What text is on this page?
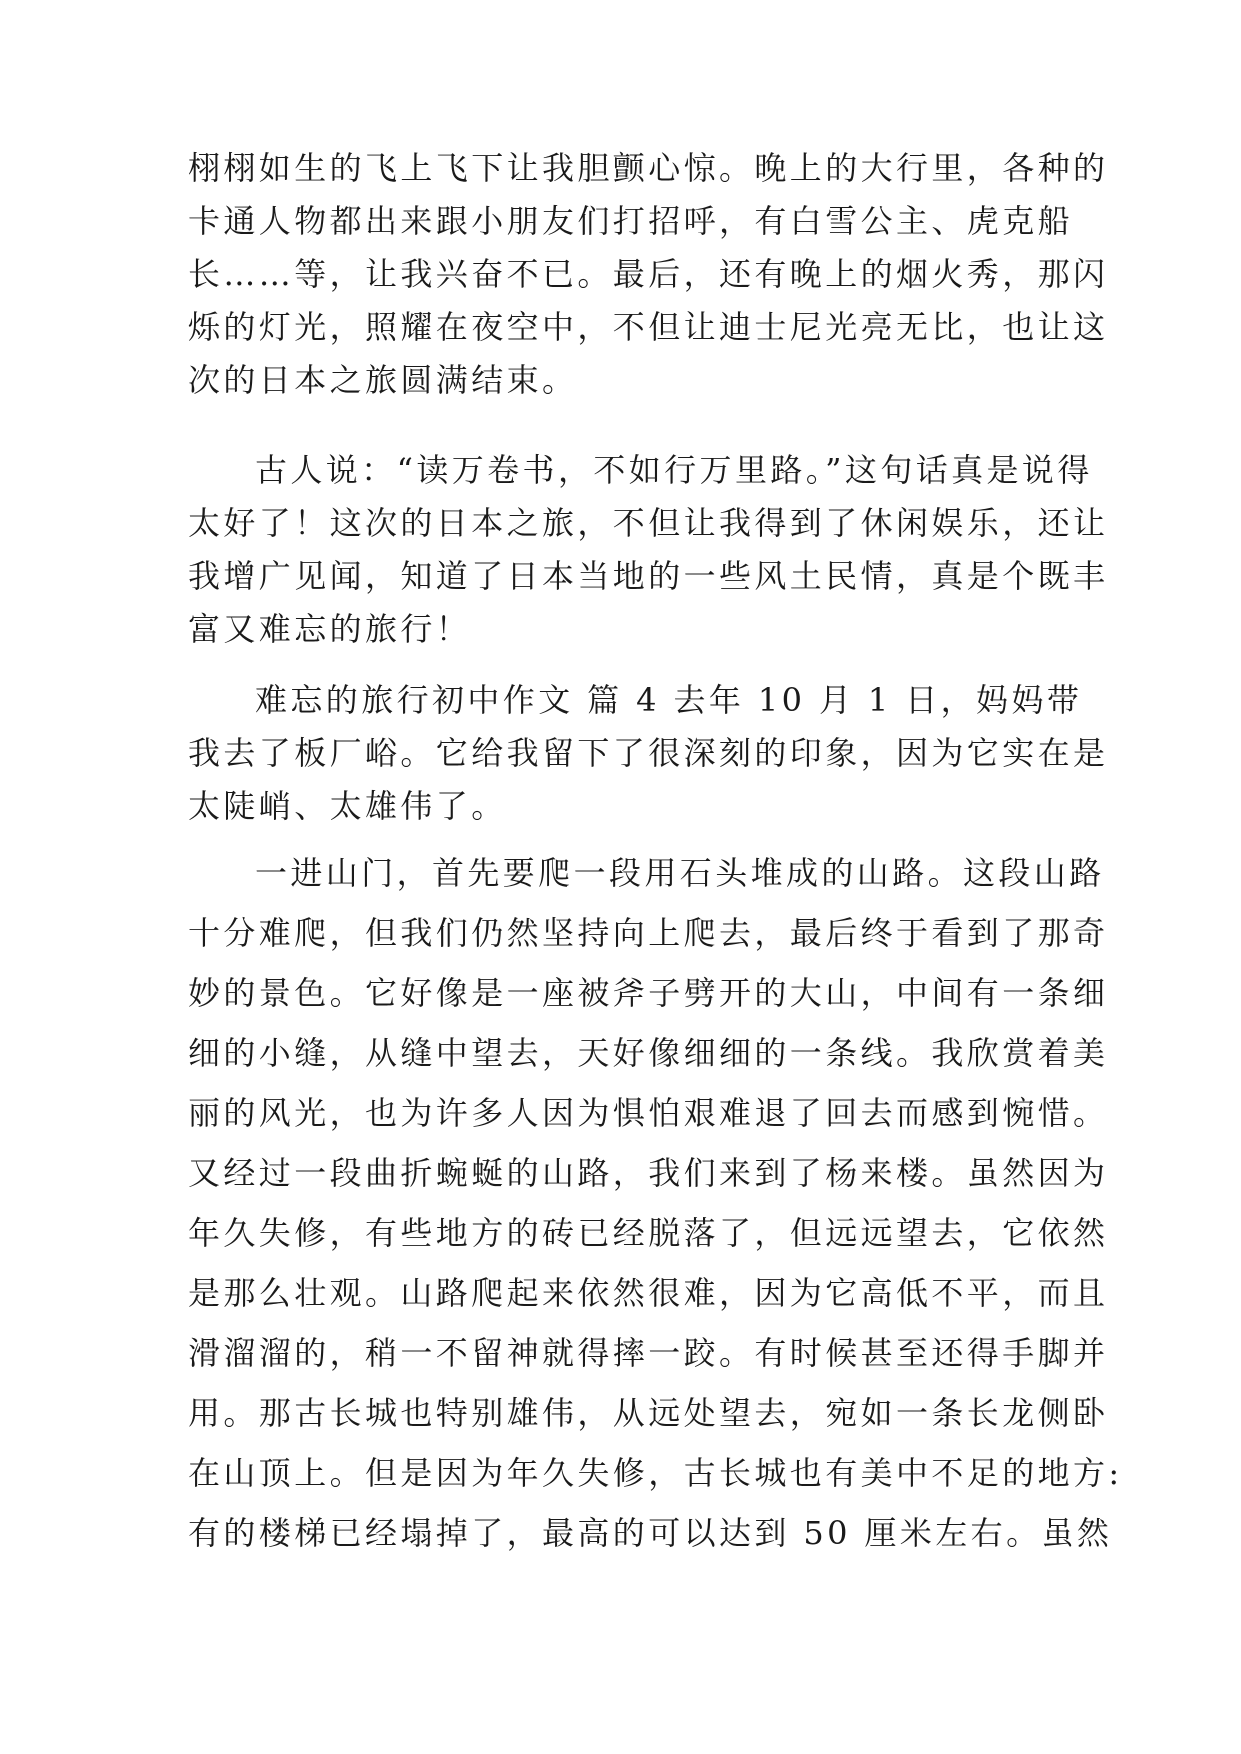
栩栩如生的飞上飞下让我胆颤心惊。晚上的大行里，各种的
卡通人物都出来跟小朋友们打招呼，有白雪公主、虎克船
长……等，让我兴奋不已。最后，还有晚上的烟火秀，那闪
烁的灯光，照耀在夜空中，不但让迪士尼光亮无比，也让这
次的日本之旅圆满结束。
古人说：“读万卷书，不如行万里路。”这句话真是说得
太好了！这次的日本之旅，不但让我得到了休闲娱乐，还让
我增广见闻，知道了日本当地的一些风土民情，真是个既丰
富又难忘的旅行！
难忘的旅行初中作文 篇 4 去年 10 月 1 日，妈妈带
我去了板厂峪。它给我留下了很深刻的印象，因为它实在是
太陡峭、太雄伟了。
一进山门，首先要爬一段用石头堆成的山路。这段山路
十分难爬，但我们仍然坚持向上爬去，最后终于看到了那奇
妙的景色。它好像是一座被斧子劈开的大山，中间有一条细
细的小缝，从缝中望去，天好像细细的一条线。我欣赏着美
丽的风光，也为许多人因为惧怕艰难退了回去而感到惋惜。
又经过一段曲折蜿蜒的山路，我们来到了杨来楼。虽然因为
年久失修，有些地方的砖已经脱落了，但远远望去，它依然
是那么壮观。山路爬起来依然很难，因为它高低不平，而且
滑溜溜的，稍一不留神就得摔一跤。有时候甚至还得手脚并
用。那古长城也特别雄伟，从远处望去，宛如一条长龙侧卧
在山顶上。但是因为年久失修，古长城也有美中不足的地方:
有的楼梯已经塌掉了，最高的可以达到 50 厘米左右。虽然
